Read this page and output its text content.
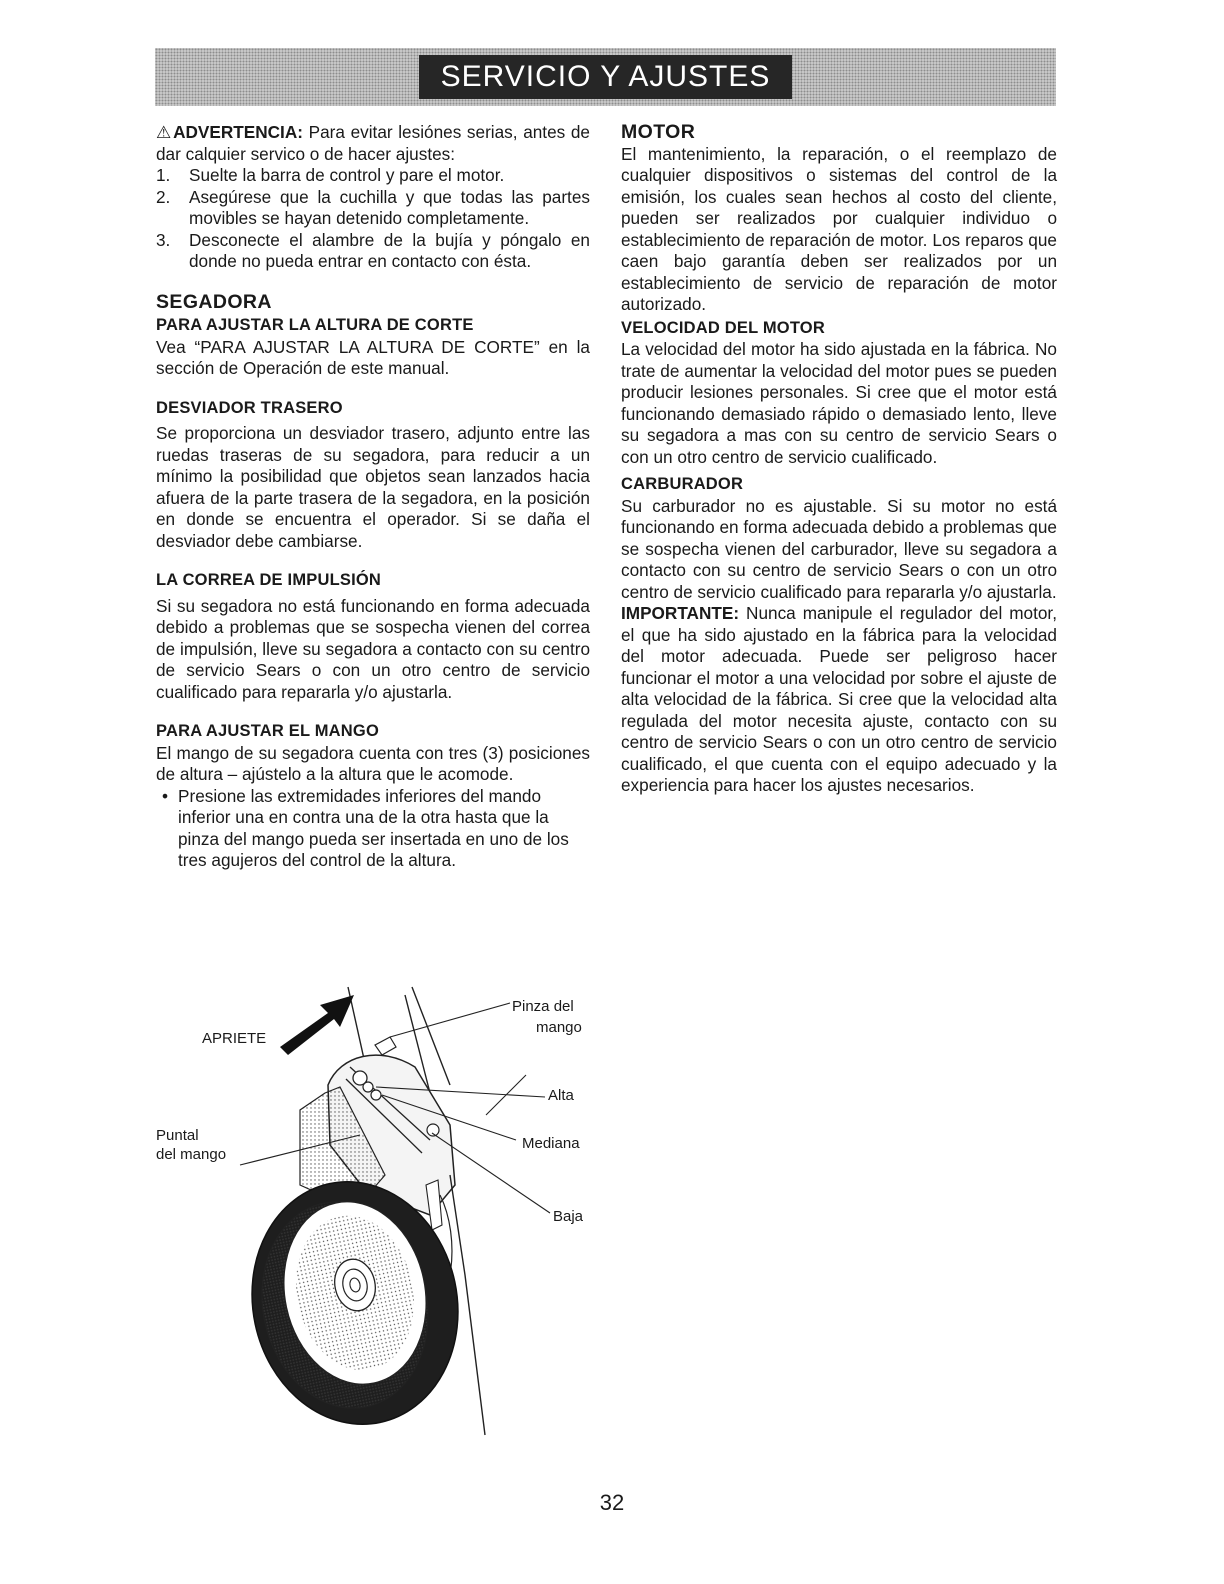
SERVICIO Y AJUSTES

⚠ADVERTENCIA: Para evitar lesiónes serias, antes de dar calquier servico o de hacer ajustes:

1. Suelte la barra de control y pare el motor.
2. Asegúrese que la cuchilla y que todas las partes movibles se hayan detenido completamente.
3. Desconecte el alambre de la bujía y póngalo en donde no pueda entrar en contacto con ésta.
SEGADORA
PARA AJUSTAR LA ALTURA DE CORTE

Vea “PARA AJUSTAR LA ALTURA DE CORTE” en la sección de Operación de este manual.

DESVIADOR TRASERO

Se proporciona un desviador trasero, adjunto entre las ruedas traseras de su segadora, para reducir a un mínimo la posibilidad que objetos sean lanzados hacia afuera de la parte trasera de la segadora, en la posición en donde se encuentra el operador. Si se daña el desviador debe cambiarse.

LA CORREA DE IMPULSIÓN

Si su segadora no está funcionando en forma adecuada debido a problemas que se sospecha vienen del correa de impulsión, lleve su segadora a contacto con su centro de servicio Sears o con un otro centro de servicio cualificado para repararla y/o ajustarla.

PARA AJUSTAR EL MANGO

El mango de su segadora cuenta con tres (3) posiciones de altura – ajústelo a la altura que le acomode.

• Presione las extremidades inferiores del mando inferior una en contra una de la otra hasta que la pinza del mango pueda ser insertada en uno de los tres agujeros del control de la altura.
APRIETE
Pinza del
mango
Alta
Mediana
Baja
Puntal
del mango
MOTOR

El mantenimiento, la reparación, o el reemplazo de cualquier dispositivos o sistemas del control de la emisión, los cuales sean hechos al costo del cliente, pueden ser realizados por cualquier individuo o establecimiento de reparación de motor. Los reparos que caen bajo garantía deben ser realizados por un establecimiento de servicio de reparación de motor autorizado.

VELOCIDAD DEL MOTOR

La velocidad del motor ha sido ajustada en la fábrica. No trate de aumentar la velocidad del motor pues se pueden producir lesiones personales. Si cree que el motor está funcionando demasiado rápido o demasiado lento, lleve su segadora a mas con su centro de servicio Sears o con un otro centro de servicio cualificado.

CARBURADOR

Su carburador no es ajustable. Si su motor no está funcionando en forma adecuada debido a problemas que se sospecha vienen del carburador, lleve su segadora a contacto con su centro de servicio Sears o con un otro centro de servicio cualificado para repararla y/o ajustarla.

IMPORTANTE: Nunca manipule el regulador del motor, el que ha sido ajustado en la fábrica para la velocidad del motor adecuada. Puede ser peligroso hacer funcionar el motor a una velocidad por sobre el ajuste de alta velocidad de la fábrica. Si cree que la velocidad alta regulada del motor necesita ajuste, contacto con su centro de servicio Sears o con un otro centro de servicio cualificado, el que cuenta con el equipo adecuado y la experiencia para hacer los ajustes necesarios.

32
